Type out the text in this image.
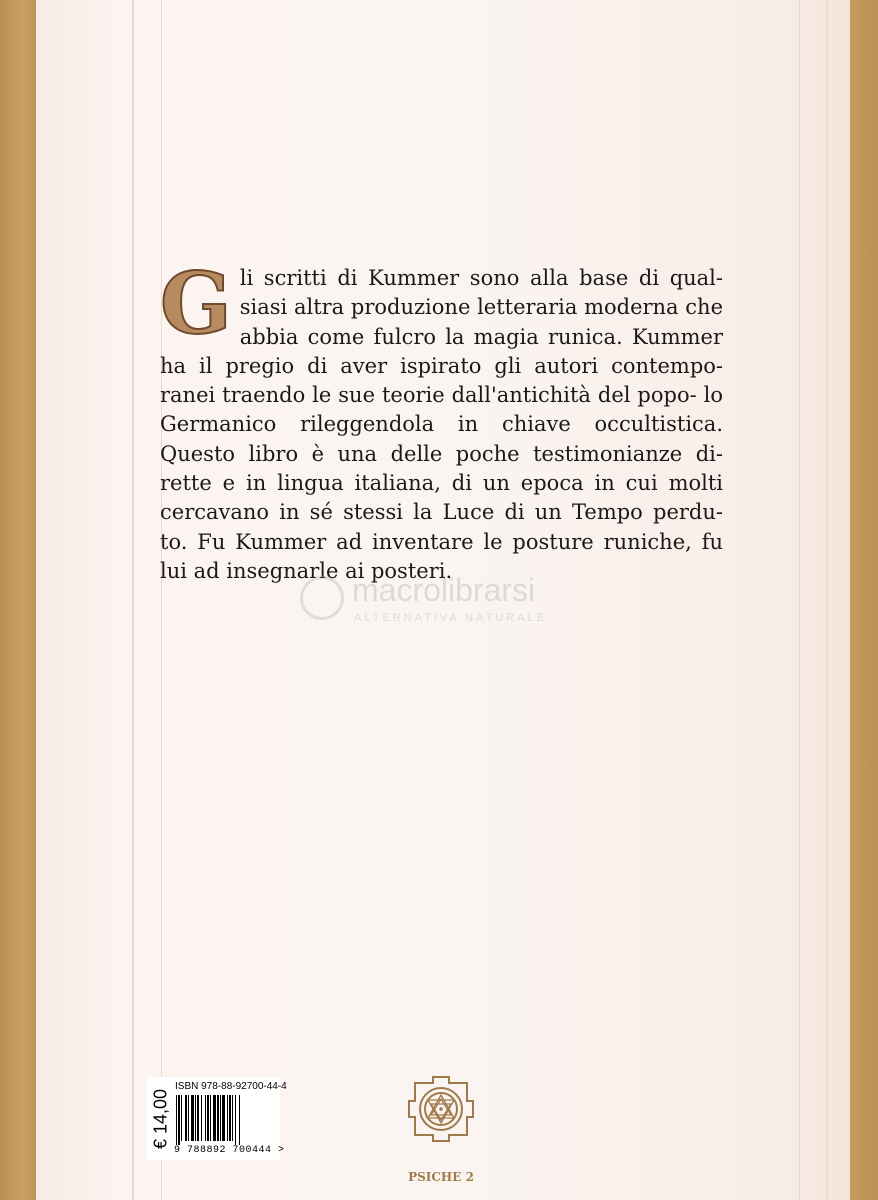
G li scritti di Kummer sono alla base di qual- siasi altra produzione letteraria moderna che abbia come fulcro la magia runica. Kummer ha il pregio di aver ispirato gli autori contempo- ranei traendo le sue teorie dall'antichità del popo- lo Germanico rileggendola in chiave occultistica. Questo libro è una delle poche testimonianze di- rette e in lingua italiana, di un epoca in cui molti cercavano in sé stessi la Luce di un Tempo perdu- to. Fu Kummer ad inventare le posture runiche, fu lui ad insegnarle ai posteri.

macrolibrarsi
ALTERNATIVA NATURALE
€ 14,00
ISBN 978-88-92700-44-4
9 788892 700444 >
PSICHE 2
